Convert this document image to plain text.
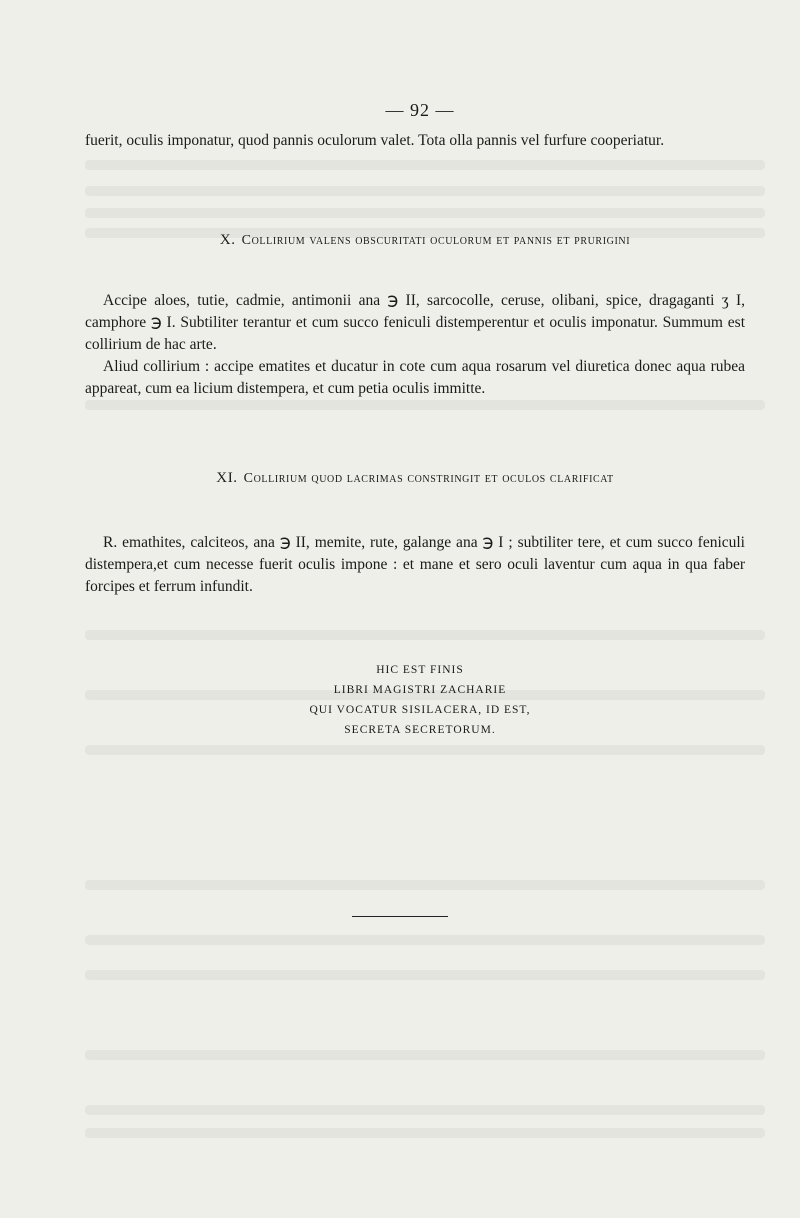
— 92 —
fuerit, oculis imponatur, quod pannis oculorum valet. Tota olla pannis vel furfure cooperiatur.
X. Collirium valens obscuritati oculorum et pannis et prurigini
Accipe aloes, tutie, cadmie, antimonii ana ℈ II, sarcocolle, ceruse, olibani, spice, dragaganti ʒ I, camphore ℈ I. Subtiliter terantur et cum succo feniculi distemperentur et oculis imponatur. Summum est collirium de hac arte.
Aliud collirium : accipe ematites et ducatur in cote cum aqua rosarum vel diuretica donec aqua rubea appareat, cum ea licium distempera, et cum petia oculis immitte.
XI. Collirium quod lacrimas constringit et oculos clarificat
R. emathites, calciteos, ana ℈ II, memite, rute, galange ana ℈ I ; subtiliter tere, et cum succo feniculi distempera,et cum necesse fuerit oculis impone : et mane et sero oculi laventur cum aqua in qua faber forcipes et ferrum infundit.
HIC EST FINIS
LIBRI MAGISTRI ZACHARIE
QUI VOCATUR SISILACERA, ID EST,
SECRETA SECRETORUM.
